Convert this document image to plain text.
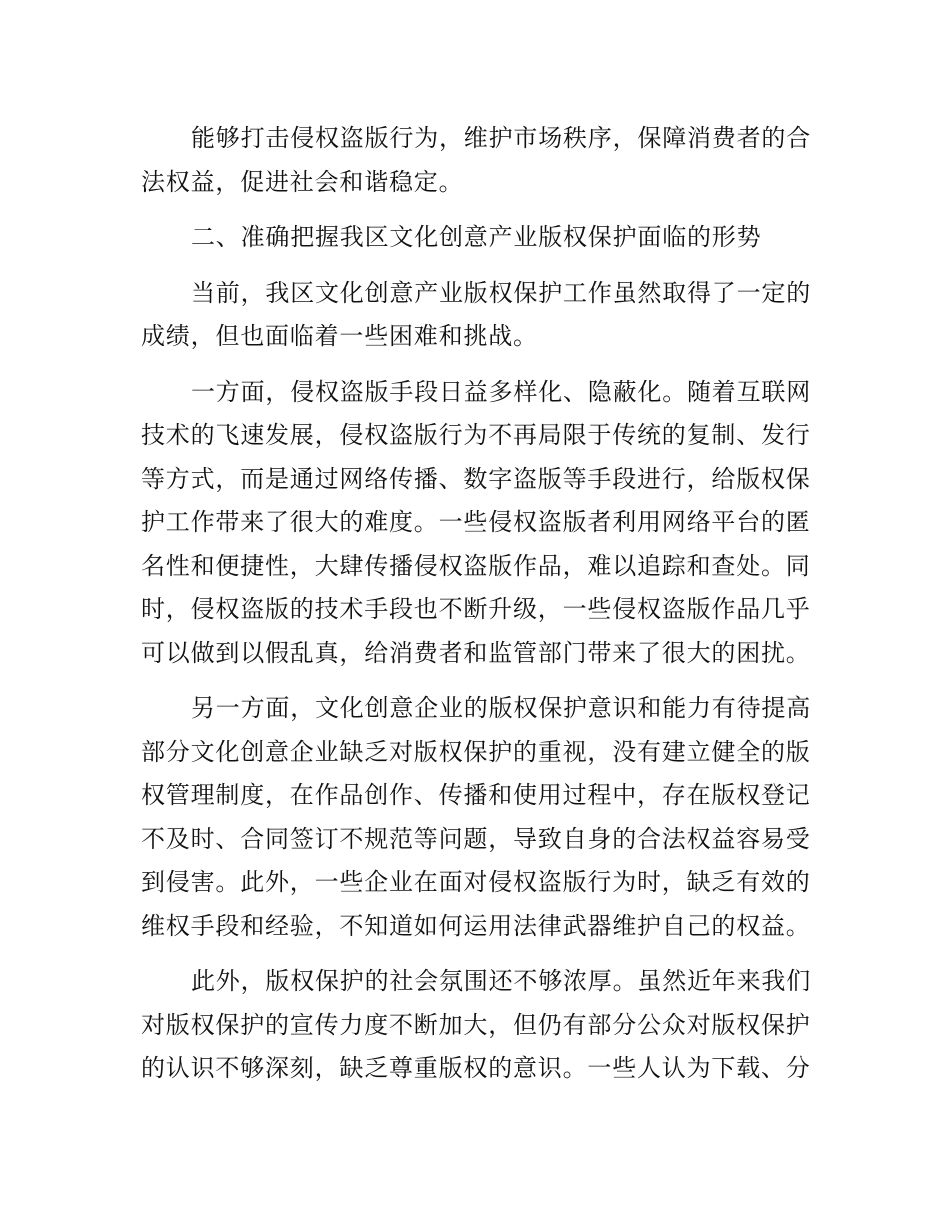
能够打击侵权盗版行为，维护市场秩序，保障消费者的合
法权益，促进社会和谐稳定。
二、准确把握我区文化创意产业版权保护面临的形势
当前，我区文化创意产业版权保护工作虽然取得了一定的
成绩，但也面临着一些困难和挑战。
一方面，侵权盗版手段日益多样化、隐蔽化。随着互联网
技术的飞速发展，侵权盗版行为不再局限于传统的复制、发行
等方式，而是通过网络传播、数字盗版等手段进行，给版权保
护工作带来了很大的难度。一些侵权盗版者利用网络平台的匿
名性和便捷性，大肆传播侵权盗版作品，难以追踪和查处。同
时，侵权盗版的技术手段也不断升级，一些侵权盗版作品几乎
可以做到以假乱真，给消费者和监管部门带来了很大的困扰。
另一方面，文化创意企业的版权保护意识和能力有待提高
部分文化创意企业缺乏对版权保护的重视，没有建立健全的版
权管理制度，在作品创作、传播和使用过程中，存在版权登记
不及时、合同签订不规范等问题，导致自身的合法权益容易受
到侵害。此外，一些企业在面对侵权盗版行为时，缺乏有效的
维权手段和经验，不知道如何运用法律武器维护自己的权益。
此外，版权保护的社会氛围还不够浓厚。虽然近年来我们
对版权保护的宣传力度不断加大，但仍有部分公众对版权保护
的认识不够深刻，缺乏尊重版权的意识。一些人认为下载、分
